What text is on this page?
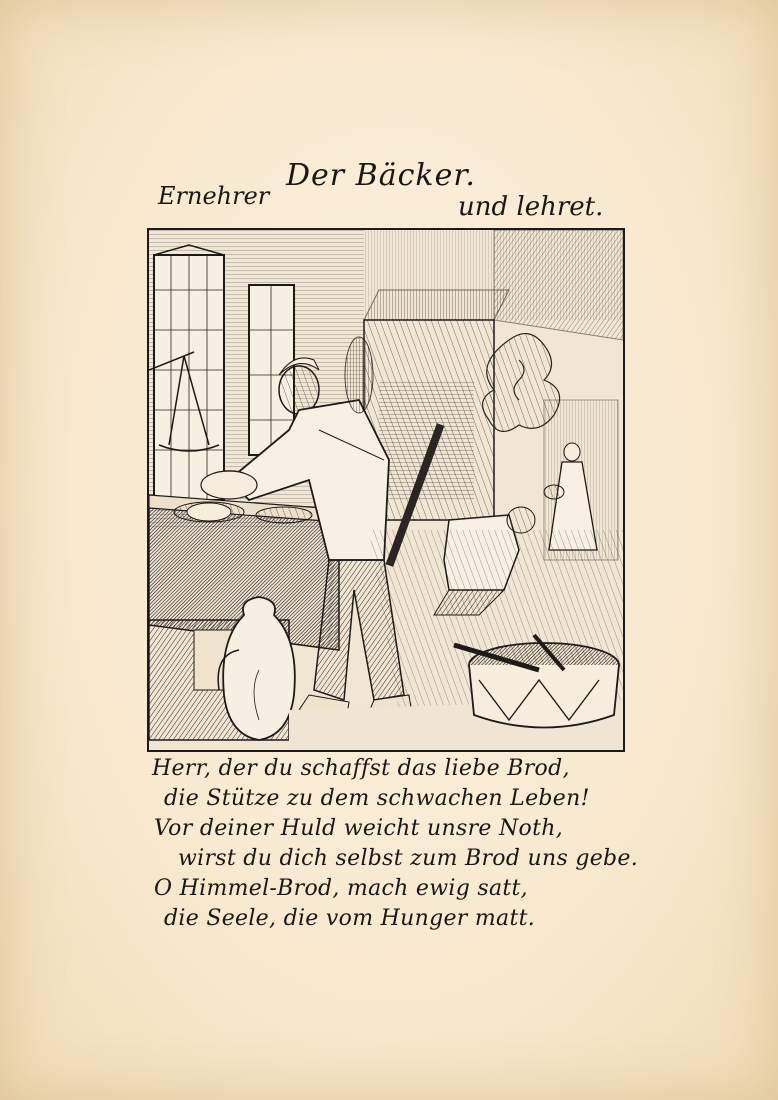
Der Bäcker.
Ernehrer	und lehret.
Herr, der du schaffst das liebe Brod,
die Stütze zu dem schwachen Leben!
Vor deiner Huld weicht unsre Noth,
wirst du dich selbst zum Brod uns gebe.
O Himmel-Brod, mach ewig satt,
die Seele, die vom Hunger matt.
